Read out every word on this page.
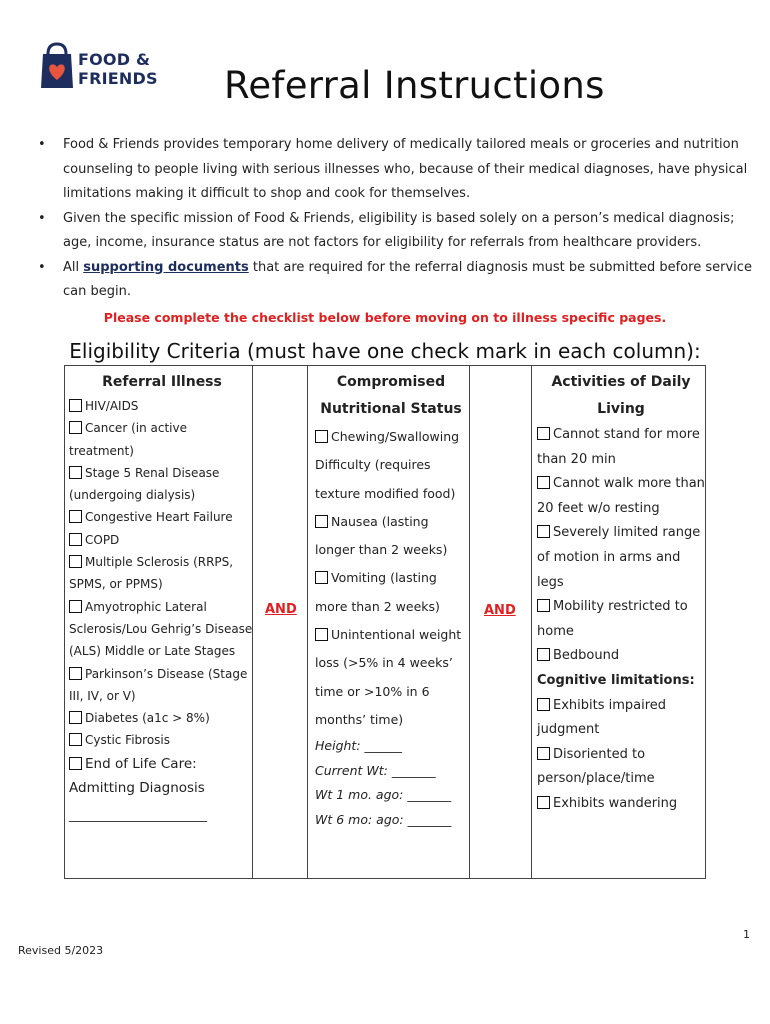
FOOD &
FRIENDS Referral Instructions
• Food & Friends provides temporary home delivery of medically tailored meals or groceries and nutrition counseling to people living with serious illnesses who, because of their medical diagnoses, have physical limitations making it difficult to shop and cook for themselves.
• Given the specific mission of Food & Friends, eligibility is based solely on a person’s medical diagnosis; age, income, insurance status are not factors for eligibility for referrals from healthcare providers.
• All supporting documents that are required for the referral diagnosis must be submitted before service can begin.
Please complete the checklist below before moving on to illness specific pages.
Eligibility Criteria (must have one check mark in each column):
Referral Illness
HIV/AIDS
Cancer (in active treatment)
Stage 5 Renal Disease (undergoing dialysis)
Congestive Heart Failure
COPD
Multiple Sclerosis (RRPS, SPMS, or PPMS)
Amyotrophic Lateral Sclerosis/Lou Gehrig’s Disease (ALS) Middle or Late Stages
Parkinson’s Disease (Stage III, IV, or V)
Diabetes (a1c > 8%)
Cystic Fibrosis
End of Life Care: Admitting Diagnosis
_______________________
AND
Compromised Nutritional Status
Chewing/Swallowing Difficulty (requires texture modified food)
Nausea (lasting longer than 2 weeks)
Vomiting (lasting more than 2 weeks)
Unintentional weight loss (>5% in 4 weeks’ time or >10% in 6 months’ time)
Height: ______
Current Wt: _______
Wt 1 mo. ago: _______
Wt 6 mo: ago: _______
AND
Activities of Daily Living
Cannot stand for more than 20 min
Cannot walk more than 20 feet w/o resting
Severely limited range of motion in arms and legs
Mobility restricted to home
Bedbound
Cognitive limitations:
Exhibits impaired judgment
Disoriented to person/place/time
Exhibits wandering
1
Revised 5/2023
